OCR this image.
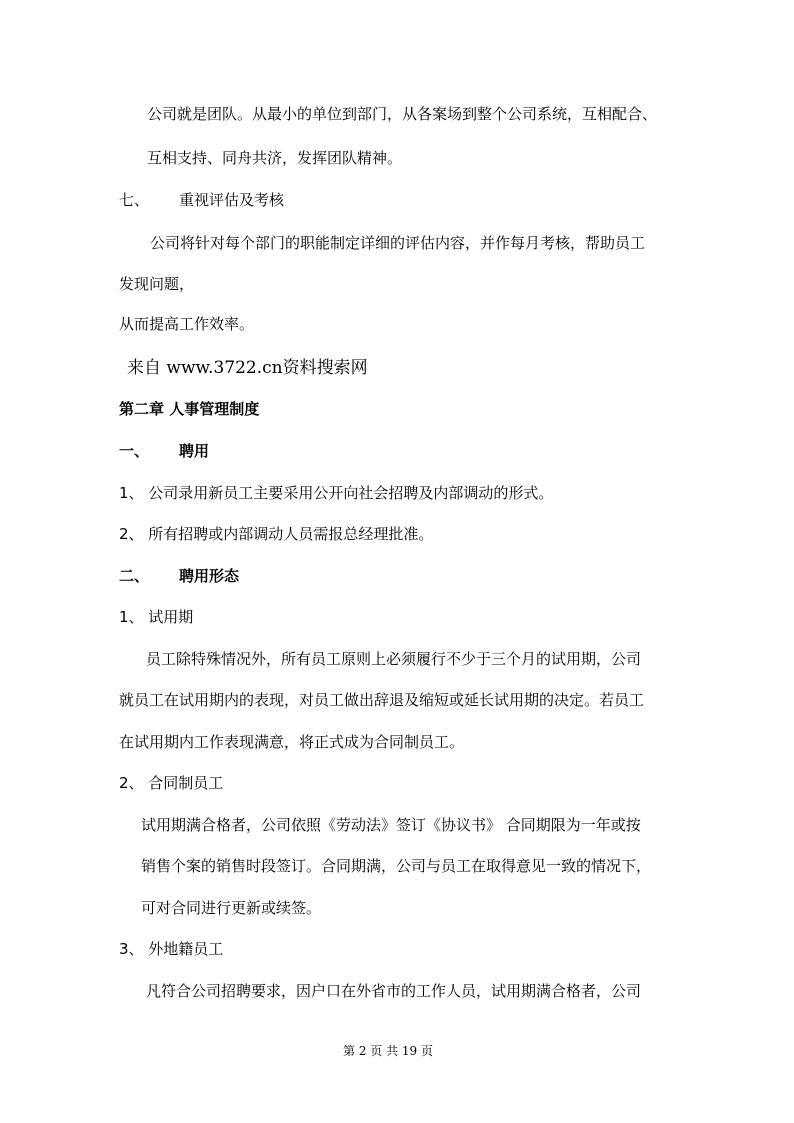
公司就是团队。从最小的单位到部门，从各案场到整个公司系统，互相配合、
互相支持、同舟共济，发挥团队精神。
七、 重视评估及考核
公司将针对每个部门的职能制定详细的评估内容，并作每月考核，帮助员工
发现问题，
从而提高工作效率。
来自 www.3722.cn资料搜索网
第二章 人事管理制度
一、 聘用
1、 公司录用新员工主要采用公开向社会招聘及内部调动的形式。
2、 所有招聘或内部调动人员需报总经理批准。
二、 聘用形态
1、 试用期
员工除特殊情况外，所有员工原则上必须履行不少于三个月的试用期，公司
就员工在试用期内的表现，对员工做出辞退及缩短或延长试用期的决定。若员工
在试用期内工作表现满意，将正式成为合同制员工。
2、 合同制员工
试用期满合格者，公司依照《劳动法》签订《协议书》 合同期限为一年或按
销售个案的销售时段签订。合同期满，公司与员工在取得意见一致的情况下，
可对合同进行更新或续签。
3、 外地籍员工
凡符合公司招聘要求，因户口在外省市的工作人员，试用期满合格者，公司
第 2 页 共 19 页
